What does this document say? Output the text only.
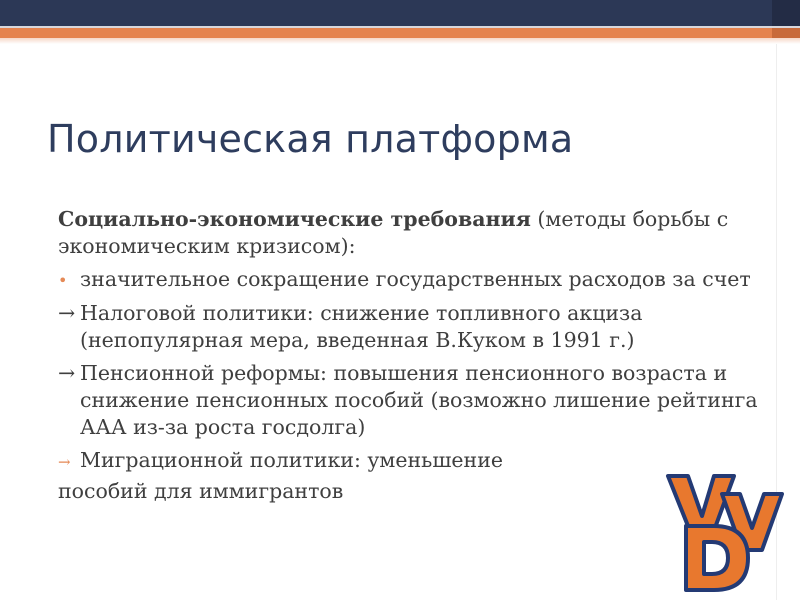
Политическая платформа

Социально-экономические требования (методы борьбы с экономическим кризисом):

• значительное сокращение государственных расходов за счет

→ Налоговой политики: снижение топливного акциза (непопулярная мера, введенная В.Куком в 1991 г.)

→ Пенсионной реформы: повышения пенсионного возраста и снижение пенсионных пособий (возможно лишение рейтинга ААА из-за роста госдолга)

→ Миграционной политики: уменьшение

пособий для иммигрантов
